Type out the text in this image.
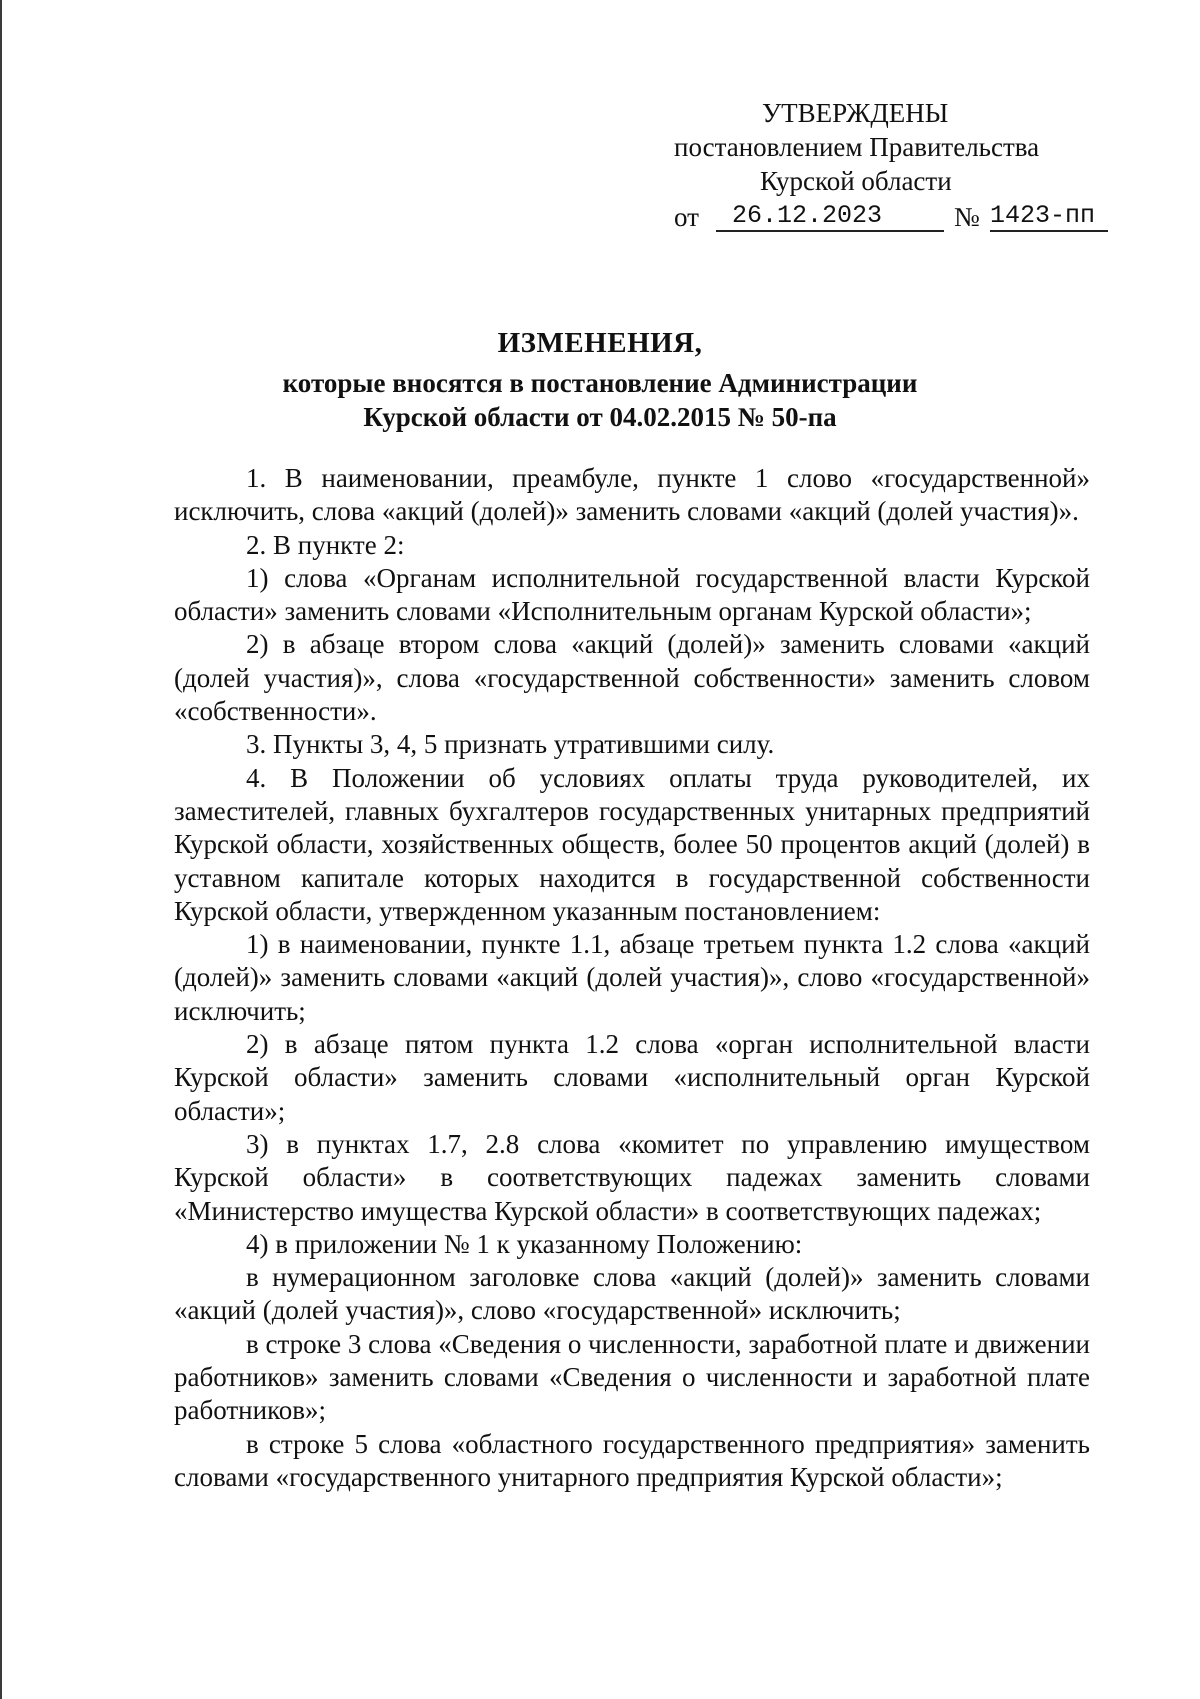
УТВЕРЖДЕНЫ
постановлением Правительства
Курской области
от	26.12.2023	№ 1423-пп
ИЗМЕНЕНИЯ,
которые вносятся в постановление Администрации
Курской области от 04.02.2015 № 50-па

1. В наименовании, преамбуле, пункте 1 слово «государственной» исключить, слова «акций (долей)» заменить словами «акций (долей участия)».

2. В пункте 2:

1) слова «Органам исполнительной государственной власти Курской области» заменить словами «Исполнительным органам Курской области»;

2) в абзаце втором слова «акций (долей)» заменить словами «акций (долей участия)», слова «государственной собственности» заменить словом «собственности».

3. Пункты 3, 4, 5 признать утратившими силу.

4. В Положении об условиях оплаты труда руководителей, их заместителей, главных бухгалтеров государственных унитарных предприятий Курской области, хозяйственных обществ, более 50 процентов акций (долей) в уставном капитале которых находится в государственной собственности Курской области, утвержденном указанным постановлением:

1) в наименовании, пункте 1.1, абзаце третьем пункта 1.2 слова «акций (долей)» заменить словами «акций (долей участия)», слово «государственной» исключить;

2) в абзаце пятом пункта 1.2 слова «орган исполнительной власти Курской области» заменить словами «исполнительный орган Курской области»;

3) в пунктах 1.7, 2.8 слова «комитет по управлению имуществом Курской области» в соответствующих падежах заменить словами «Министерство имущества Курской области» в соответствующих падежах;

4) в приложении № 1 к указанному Положению:

в нумерационном заголовке слова «акций (долей)» заменить словами «акций (долей участия)», слово «государственной» исключить;

в строке 3 слова «Сведения о численности, заработной плате и движении работников» заменить словами «Сведения о численности и заработной плате работников»;

в строке 5 слова «областного государственного предприятия» заменить словами «государственного унитарного предприятия Курской области»;
